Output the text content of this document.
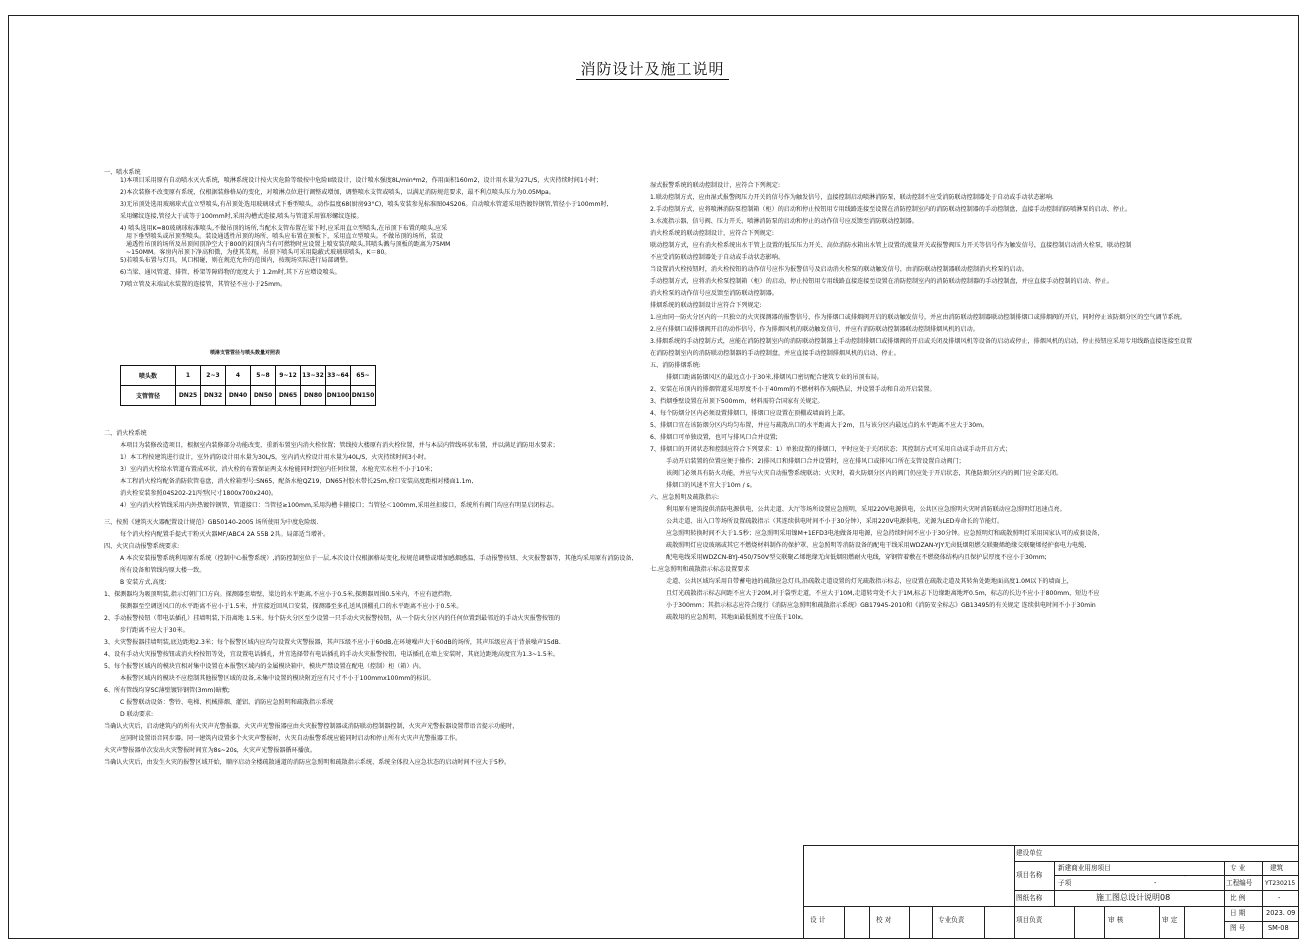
消防设计及施工说明
一、喷水系统
1)本项目采用原有自动喷水灭火系统，喷淋系统设计按火灾危险等级按中危险II级设计，设计喷水强度8L/min*m2，作用面积160m2，设计用水量为27L/S，火灾持续时间1小时；
2)本次装修不改变原有系统，仅根据装修格局的变化，对喷淋点位进行调整或增加，调整喷水支管或喷头，以满足消防规范要求，最不利点喷头压力为0.05Mpa。
3)无吊顶处选用玻璃球式直立型喷头,有吊顶处选用玻璃球式下垂型喷头，动作温度68(厨房93°C)，喷头安装参见标准图04S206。自动喷水管道采用热镀锌钢管,管径小于100mm时,
采用螺纹连接,管径大于或等于100mm时,采用沟槽式连接,喷头与管道采用锥形螺纹连接。
4) 喷头选用K=80玻璃球标准喷头,不做吊顶的场所,当配水支管布置在梁下时,应采用直立型喷头,在吊顶下布置的喷头,应采
用下垂型喷头或吊顶型喷头。装设通透性吊顶的场所，喷头应布置在顶板下，采用直立型喷头。不做吊顶的场所，装设
通透性吊顶的场所及吊顶间顶净空大于800的闷顶内当有可燃物时应设置上喷安装的喷头,其喷头溅与顶板的距离为75MM
~150MM。客房内吊顶下净高和微，为使其美观，吊顶下喷头可采用隐蔽式玻璃球喷头，K＝80。
5)若喷头布置与灯具，风口相碰，则在规范允许的范围内，按现场实际进行局部调整。
6)当梁、通风管道、排管、桥架等障碍物的宽度大于 1.2m时,其下方应增设喷头。
7)喷立管及末端试水装置的连接管，其管径不应小于25mm。
喷淋支管管径与喷头数量对照表
喷头数	1	2~3	4	5~8	9~12	13~32	33~64	65~
支管管径	DN25	DN32	DN40	DN50	DN65	DN80	DN100	DN150
二、消火栓系统
本项目为装修改造项目，根据室内装修部分功能改变，重新布置室内消火栓位置；管线按大楼原有消火栓位置，并与本层内管线环状布置，并以满足消防用水要求；
1）本工程按建筑进行设计，室外消防设计用水量为30L/S，室内消火栓设计用水量为40L/S，火灾持续时间3小时。
3）室内消火栓给水管道布置成环状，消火栓的布置保证两支水枪能同时到室内任何位置，水枪充实水柱不小于10米；
本工程消火栓均配备消防软管卷盘，消火栓箱型号:SN65，配备水枪QZ19，DN65衬胶水带长25m,栓口安装高度距相对楼面1.1m,
消火栓安装参照04S202-21丙型(尺寸1800x700x240)。
4）室内消火栓管线采用内外热镀锌钢管，管道接口：当管径≥100mm,采用沟槽卡箍接口；当管径＜100mm,采用丝扣接口，系统所有阀门均应有明显启闭标志。
三、按照《建筑灭火器配置设计规范》GB50140-2005 场所使用为中度危险级.
每个消火栓内配置手提式干粉灭火器MF/ABC4 2A 55B 2具。局部适当增补。
四、火灾自动报警系统要求:
A 本次安装报警系统利用原有系统（控制中心报警系统）,消防控制室位于一层,本次设计仅根据格局变化,按规范调整或增加感烟感温、手动报警按钮、火灾报警器等，其他均采用原有消防设备,
所有设备和管线均原大楼一致。
B 安装方式,高度:
1、探测器均为吸顶明装,指示灯朝门口方向。探测器至墙壁，梁边的水平距离,不应小于0.5米,探测器周围0.5米内，不应有遮挡物,
探测器至空调送风口的水平距离不应小于1.5米，并宜接近回风口安装，探测器至多孔送风顶棚孔口的水平距离不应小于0.5米。
2、手动报警按钮（带电话插孔）挂墙明装,下沿离地 1.5米。每个防火分区至少设置一只手动火灾报警按钮，从一个防火分区内的任何位置到最邻近的手动火灾报警按钮的
步行距离不应大于30米。
3、火灾警报器挂墙明装,底边距地2.3米；每个报警区域内应均匀设置火灾警报器，其声压级不应小于60dB,在环境噪声大于60dB的场所，其声压级应高于背景噪声15dB.
4、设有手动火灾报警按钮或消火栓按钮等处，宜设置电话插孔，并宜选择带有电话插孔的手动火灾报警按钮，电话插孔在墙上安装时，其底边距地高度宜为1.3~1.5米。
5、每个报警区域内的模块宜相对集中设置在本报警区域内的金属模块箱中，模块严禁设置在配电（控制）柜（箱）内。
本报警区域内的模块不应控制其他报警区域的设备,未集中设置的模块附近应有尺寸不小于100mmx100mm的标识。
6、所有管线均穿SC薄壁镀锌钢管(3mm)暗敷;
C 报警联动设备：警铃、电梯、机械排烟、灌铝、消防应急照明和疏散指示系统
D 联动要求:
当确认火灾后，启动建筑内的所有火灾声光警报器，火灾声光警报器应由火灾报警控制器或消防联动控制器控制，火灾声光警报器设置带语音提示功能时，
应同时设置语音同步器。同一建筑内设置多个火灾声警报时，火灾自动报警系统应能同时启动和停止所有火灾声光警报器工作。
火灾声警报器单次发出火灾警报时间宜为8s~20s，火灾声光警报器循环播放。
当确认火灾后，由发生火灾的报警区域开始，顺序启动全楼疏散通道的消防应急照明和疏散指示系统，系统全体投入应急状态的启动时间不应大于5秒。
湿式报警系统的联动控制设计，应符合下列规定:
1.联动控制方式，应由湿式报警阀压力开关的信号作为触发信号，直接控制启动喷淋消防泵，联动控制不应受消防联动控制器处于自动或手动状态影响.
2.手动控制方式，应将喷淋消防泵控制箱（柜）的启动和停止按钮用专用线路连接至设置在消防控制室内的消防联动控制器的手动控制盘，直接手动控制消防喷淋泵的启动、停止。
3.水流指示器、信号阀、压力开关、喷淋消防泵的启动和停止的动作信号应反馈至消防联动控制器。
消火栓系统的联动控制设计，应符合下列规定:
联动控制方式，应有消火栓系统出水干管上设置的低压压力开关、高位消防水箱出水管上设置的流量开关或报警阀压力开关等信号作为触发信号，直接控制启动消火栓泵，联动控制
不应受消防联动控制器处于自动或手动状态影响。
当设置消火栓按钮时，消火栓按钮的动作信号应作为报警信号及启动消火栓泵的联动触发信号，由消防联动控制器联动控制消火栓泵的启动。
手动控制方式，应将消火栓泵控制箱（柜）的启动、停止按钮用专用线路直接连接至设置在消防控制室内的消防联动控制器的手动控制盘，并应直接手动控制的启动、停止。
消火栓泵的动作信号应反馈至消防联动控制器。
排烟系统的联动控制设计应符合下列规定:
1.应由同一防火分区内的一只独立的火灾探测器的报警信号，作为排烟口或排烟阀开启的联动触发信号，并应由消防联动控制器联动控制排烟口或排烟阀的开启，同时停止该防烟分区的空气调节系统。
2.应有排烟口或排烟阀开启的动作信号，作为排烟风机的联动触发信号，并应有消防联动控制器联动控制排烟风机的启动。
3.排烟系统的手动控制方式，应能在消防控制室内的消防联动控制器上手动控制排烟口或排烟阀的开启或关闭及排烟风机等设备的启动或停止，排烟风机的启动、停止按钮应采用专用线路直接连接至设置
在消防控制室内的消防联动控制器的手动控制盘，并应直接手动控制排烟风机的启动、停止。
五、消防排烟系统:
排烟口距离防烟风区的最远点小于30米,排烟风口密切配合建筑专业的吊顶布局。
2、安装在吊顶内的排烟管道采用厚度不小于40mm的不燃材料作为隔热层，并设置手动和自动开启装置。
3、挡烟垂壁设置在吊顶下500mm，材料需符合国家有关规定。
4、每个防烟分区内必须设置排烟口，排烟口应设置在顶棚或墙面的上部。
5、排烟口宜在该防烟分区内均匀布置，并应与疏散出口的水平距离大于2m，且与该分区内最远点的水平距离不应大于30m。
6、排烟口可单独设置，也可与排风口合并设置;
7、排烟口的开闭状态和控制应符合下列要求：1）单独设置的排烟口，平时应处于关闭状态；其控制方式可采用自动或手动开启方式；
手动开启装置的位置应便于操作；2)排风口和排烟口合并设置时，应在排风口或排风口所在支管设置自动阀门；
该阀门必须具有防火功能，并应与火灾自动报警系统联动；火灾时，着火防烟分区内的阀门仍应处于开启状态，其他防烟分区内的阀门应全部关闭。
排烟口的风速不宜大于10m / s。
六、应急照明及疏散指示:
利用原有建筑提供消防电源供电，公共走道、大厅等场所设置应急照明，采用220V电源供电，公共区应急照明火灾时消防联动应急照明灯迅速点亮。
公共走道、出入口等场所设置疏散指示（其连续供电时间不小于30分钟），采用220V电源供电，光源为LED寿命长的节能灯。
应急照明转换时间不大于1.5秒；应急照明采用镍M+1EFD3电池做备用电源，应急持续时间不应小于30分钟。应急照明灯和疏散照明灯采用国家认可的成套设备，
疏散照明灯应设玻璃或其它不燃烧材料制作的保护罩，应急照明等消防设备的配电干线采用WDZAN-YJY无卤低烟阻燃交联聚烯绝缘交联聚烯烃护套电力电缆,
配电电线采用WDZCN-BYJ-450/750V型交联聚乙烯绝缘无卤低烟阻燃耐火电线，穿钢管着敷在不燃烧体结构内且保护层厚度不应小于30mm;
七.应急照明和疏散指示标志设置要求
走道、公共区域均采用自带蓄电池的疏散应急灯具,沿疏散走道设置的灯光疏散指示标志，应设置在疏散走道及其转角处距地面高度1.0M以下的墙面上，
且灯光疏散指示标志间距不应大于20M,对于袋型走道，不应大于10M,走道转弯处不大于1M,标志下边缘距离地坪0.5m，标志的长边不应小于800mm，短边不应
小于300mm；其指示标志应符合现行《消防应急照明和疏散指示系统》GB17945-2010和《消防安全标志》GB13495的有关规定 连续供电时间不小于30min
疏散用的应急照明，其地面最低照度不应低于10lx。
建设单位
项目名称
新建商业用房项目
-
子项	-
图纸名称	施工图总设计说明08
设 计	校 对	专业负责	项目负责	审 核	审 定
专 业	建筑
工程编号 YT230215
比 例	-
日 期	2023. 09
图 号	SM-08
